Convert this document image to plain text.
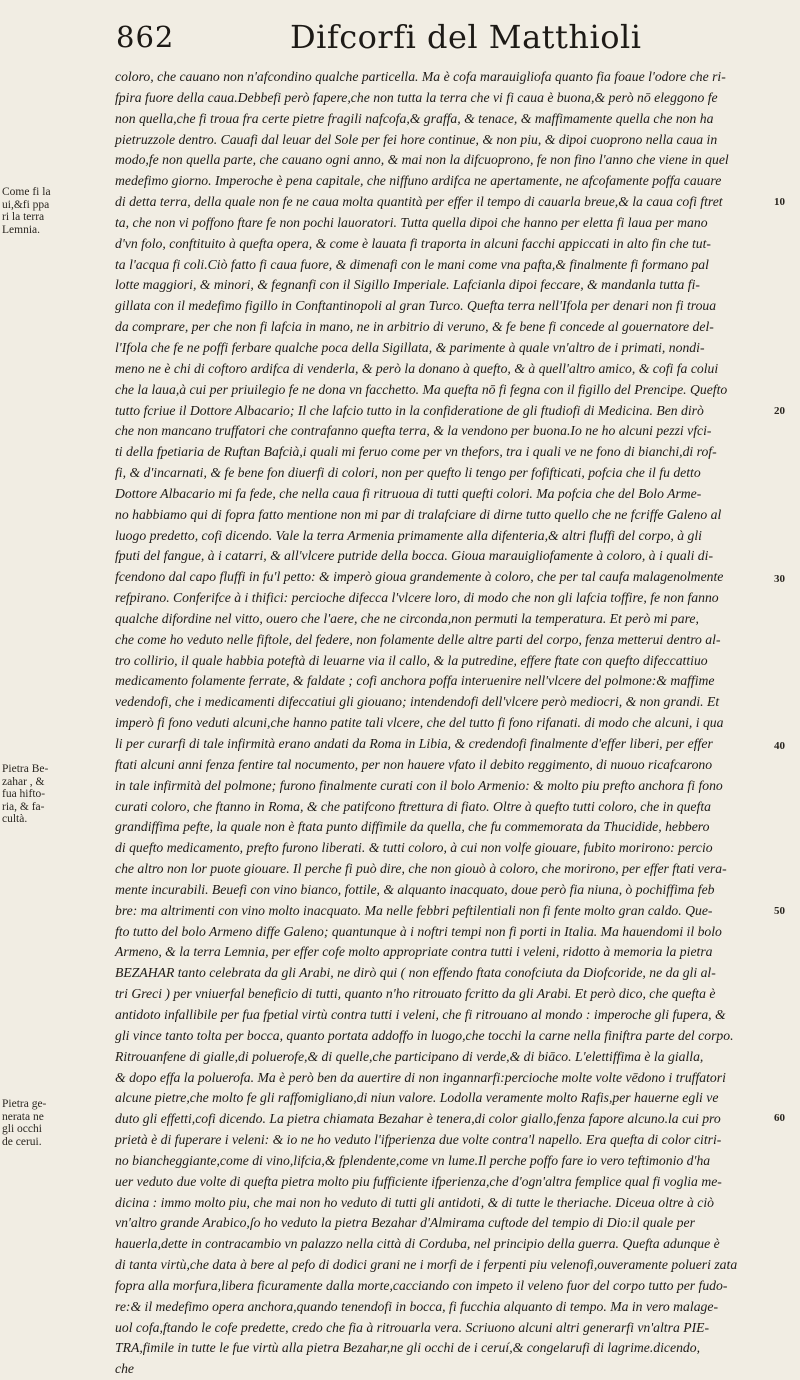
862	Difcorfi del Matthioli
coloro, che cauano non n'afcondino qualche particella. Ma è cofa marauigliofa quanto fia foaue l'odore che ri-
fpira fuore della caua.Debbefi però fapere,che non tutta la terra che vi fi caua è buona,& però nō eleggono fe
non quella,che fi troua fra certe pietre fragili nafcofa,& graffa, & tenace, & maffimamente quella che non ha
pietruzzole dentro. Cauafi dal leuar del Sole per fei hore continue, & non piu, & dipoi cuoprono nella caua in
modo,fe non quella parte, che cauano ogni anno, & mai non la difcuoprono, fe non fino l'anno che viene in quel
medefimo giorno. Imperoche è pena capitale, che niffuno ardifca ne apertamente, ne afcofamente poffa cauare
di detta terra, della quale non fe ne caua molta quantità per effer il tempo di cauarla breue,& la caua cofi ftret
ta, che non vi poffono ftare fe non pochi lauoratori. Tutta quella dipoi che hanno per eletta fi laua per mano
d'vn folo, conftituito à quefta opera, & come è lauata fi traporta in alcuni facchi appiccati in alto fin che tut-
ta l'acqua fi coli.Ciò fatto fi caua fuore, & dimenafi con le mani come vna pafta,& finalmente fi formano pal
lotte maggiori, & minori, & fegnanfi con il Sigillo Imperiale. Lafcianla dipoi feccare, & mandanla tutta fi-
gillata con il medefimo figillo in Conftantinopoli al gran Turco. Quefta terra nell'Ifola per denari non fi troua
da comprare, per che non fi lafcia in mano, ne in arbitrio di veruno, & fe bene fi concede al gouernatore del-
l'Ifola che fe ne poffi ferbare qualche poca della Sigillata, & parimente à quale vn'altro de i primati, nondi-
meno ne è chi di coftoro ardifca di venderla, & però la donano à quefto, & à quell'altro amico, & cofi fa colui
che la laua,à cui per priuilegio fe ne dona vn facchetto. Ma quefta nō fi fegna con il figillo del Prencipe. Quefto
tutto fcriue il Dottore Albacario; Il che lafcio tutto in la confideratione de gli ftudiofi di Medicina. Ben dirò
che non mancano truffatori che contrafanno quefta terra, & la vendono per buona.Io ne ho alcuni pezzi vfci-
ti della fpetiaria de Ruftan Bafcià,i quali mi feruo come per vn thefors, tra i quali ve ne fono di bianchi,di rof-
fi, & d'incarnati, & fe bene fon diuerfi di colori, non per quefto li tengo per fofifticati, pofcia che il fu detto
Dottore Albacario mi fa fede, che nella caua fi ritruoua di tutti quefti colori. Ma pofcia che del Bolo Arme-
no habbiamo qui di fopra fatto mentione non mi par di tralafciare di dirne tutto quello che ne fcriffe Galeno al
luogo predetto, cofi dicendo. Vale la terra Armenia primamente alla difenteria,& altri fluffi del corpo, à gli
fputi del fangue, à i catarri, & all'vlcere putride della bocca. Gioua marauigliofamente à coloro, à i quali di-
fcendono dal capo fluffi in fu'l petto: & imperò gioua grandemente à coloro, che per tal caufa malagenolmente
refpirano. Conferifce à i thifici: percioche difecca l'vlcere loro, di modo che non gli lafcia toffire, fe non fanno
qualche difordine nel vitto, ouero che l'aere, che ne circonda,non permuti la temperatura. Et però mi pare,
che come ho veduto nelle fiftole, del federe, non folamente delle altre parti del corpo, fenza metterui dentro al-
tro collirio, il quale habbia poteftà di leuarne via il callo, & la putredine, effere ftate con quefto difeccattiuo
medicamento folamente ferrate, & faldate ; cofi anchora poffa interuenire nell'vlcere del polmone:& maffime
vedendofi, che i medicamenti difeccatiui gli giouano; intendendofi dell'vlcere però mediocri, & non grandi. Et
imperò fi fono veduti alcuni,che hanno patite tali vlcere, che del tutto fi fono rifanati. di modo che alcuni, i qua
li per curarfi di tale infirmità erano andati da Roma in Libia, & credendofi finalmente d'effer liberi, per effer
ftati alcuni anni fenza fentire tal nocumento, per non hauere vfato il debito reggimento, di nuouo ricafcarono
in tale infirmità del polmone; furono finalmente curati con il bolo Armenio: & molto piu prefto anchora fi fono
curati coloro, che ftanno in Roma, & che patifcono ftrettura di fiato. Oltre à quefto tutti coloro, che in quefta
grandiffima pefte, la quale non è ftata punto diffimile da quella, che fu commemorata da Thucidide, hebbero
di quefto medicamento, prefto furono liberati. & tutti coloro, à cui non volfe giouare, fubito morirono: percio
che altro non lor puote giouare. Il perche fi può dire, che non giouò à coloro, che morirono, per effer ftati vera-
mente incurabili. Beuefi con vino bianco, fottile, & alquanto inacquato, doue però fia niuna, ò pochiffima feb
bre: ma altrimenti con vino molto inacquato. Ma nelle febbri peftilentiali non fi fente molto gran caldo. Que-
fto tutto del bolo Armeno diffe Galeno; quantunque à i noftri tempi non fi porti in Italia. Ma hauendomi il bolo
Armeno, & la terra Lemnia, per effer cofe molto appropriate contra tutti i veleni, ridotto à memoria la pietra
BEZAHAR tanto celebrata da gli Arabi, ne dirò qui ( non effendo ftata conofciuta da Diofcoride, ne da gli al-
tri Greci ) per vniuerfal beneficio di tutti, quanto n'ho ritrouato fcritto da gli Arabi. Et però dico, che quefta è
antidoto infallibile per fua fpetial virtù contra tutti i veleni, che fi ritrouano al mondo : imperoche gli fupera, &
gli vince tanto tolta per bocca, quanto portata addoffo in luogo,che tocchi la carne nella finiftra parte del corpo.
Ritrouanfene di gialle,di poluerofe,& di quelle,che participano di verde,& di biāco. L'elettiffima è la gialla,
& dopo effa la poluerofa. Ma è però ben da auertire di non ingannarfi:percioche molte volte vēdono i truffatori
alcune pietre,che molto fe gli raffomigliano,di niun valore. Lodolla veramente molto Rafis,per hauerne egli ve
duto gli effetti,cofi dicendo. La pietra chiamata Bezahar è tenera,di color giallo,fenza fapore alcuno.la cui pro
prietà è di fuperare i veleni: & io ne ho veduto l'ifperienza due volte contra'l napello. Era quefta di color citri-
no biancheggiante,come di vino,lifcia,& fplendente,come vn lume.Il perche poffo fare io vero teftimonio d'ha
uer veduto due volte di quefta pietra molto piu fufficiente ifperienza,che d'ogn'altra femplice qual fi voglia me-
dicina : immo molto piu, che mai non ho veduto di tutti gli antidoti, & di tutte le theriache. Diceua oltre à ciò
vn'altro grande Arabico,ſo ho veduto la pietra Bezahar d'Almirama cuftode del tempio di Dio:il quale per
hauerla,dette in contracambio vn palazzo nella città di Corduba, nel principio della guerra. Quefta adunque è
di tanta virtù,che data à bere al pefo di dodici grani ne i morfi de i ferpenti piu velenofi,ouveramente polueri zata
fopra alla morfura,libera ficuramente dalla morte,cacciando con impeto il veleno fuor del corpo tutto per fudo-
re:& il medefimo opera anchora,quando tenendofi in bocca, fi fucchia alquanto di tempo. Ma in vero malage-
uol cofa,ftando le cofe predette, credo che fia à ritrouarla vera. Scriuono alcuni altri generarfi vn'altra PIE-
TRA,fimile in tutte le fue virtù alla pietra Bezahar,ne gli occhi de i ceruí,& congelarufi di lagrime.dicendo,
che
Come fi la
ui,&fi ppa
ri la terra
Lemnia.
Pietra Be-
zahar , &
fua hifto-
ria, & fa-
cultà.
Pietra ge-
nerata ne
gli occhi
de cerui.
10
20
30
40
50
60
